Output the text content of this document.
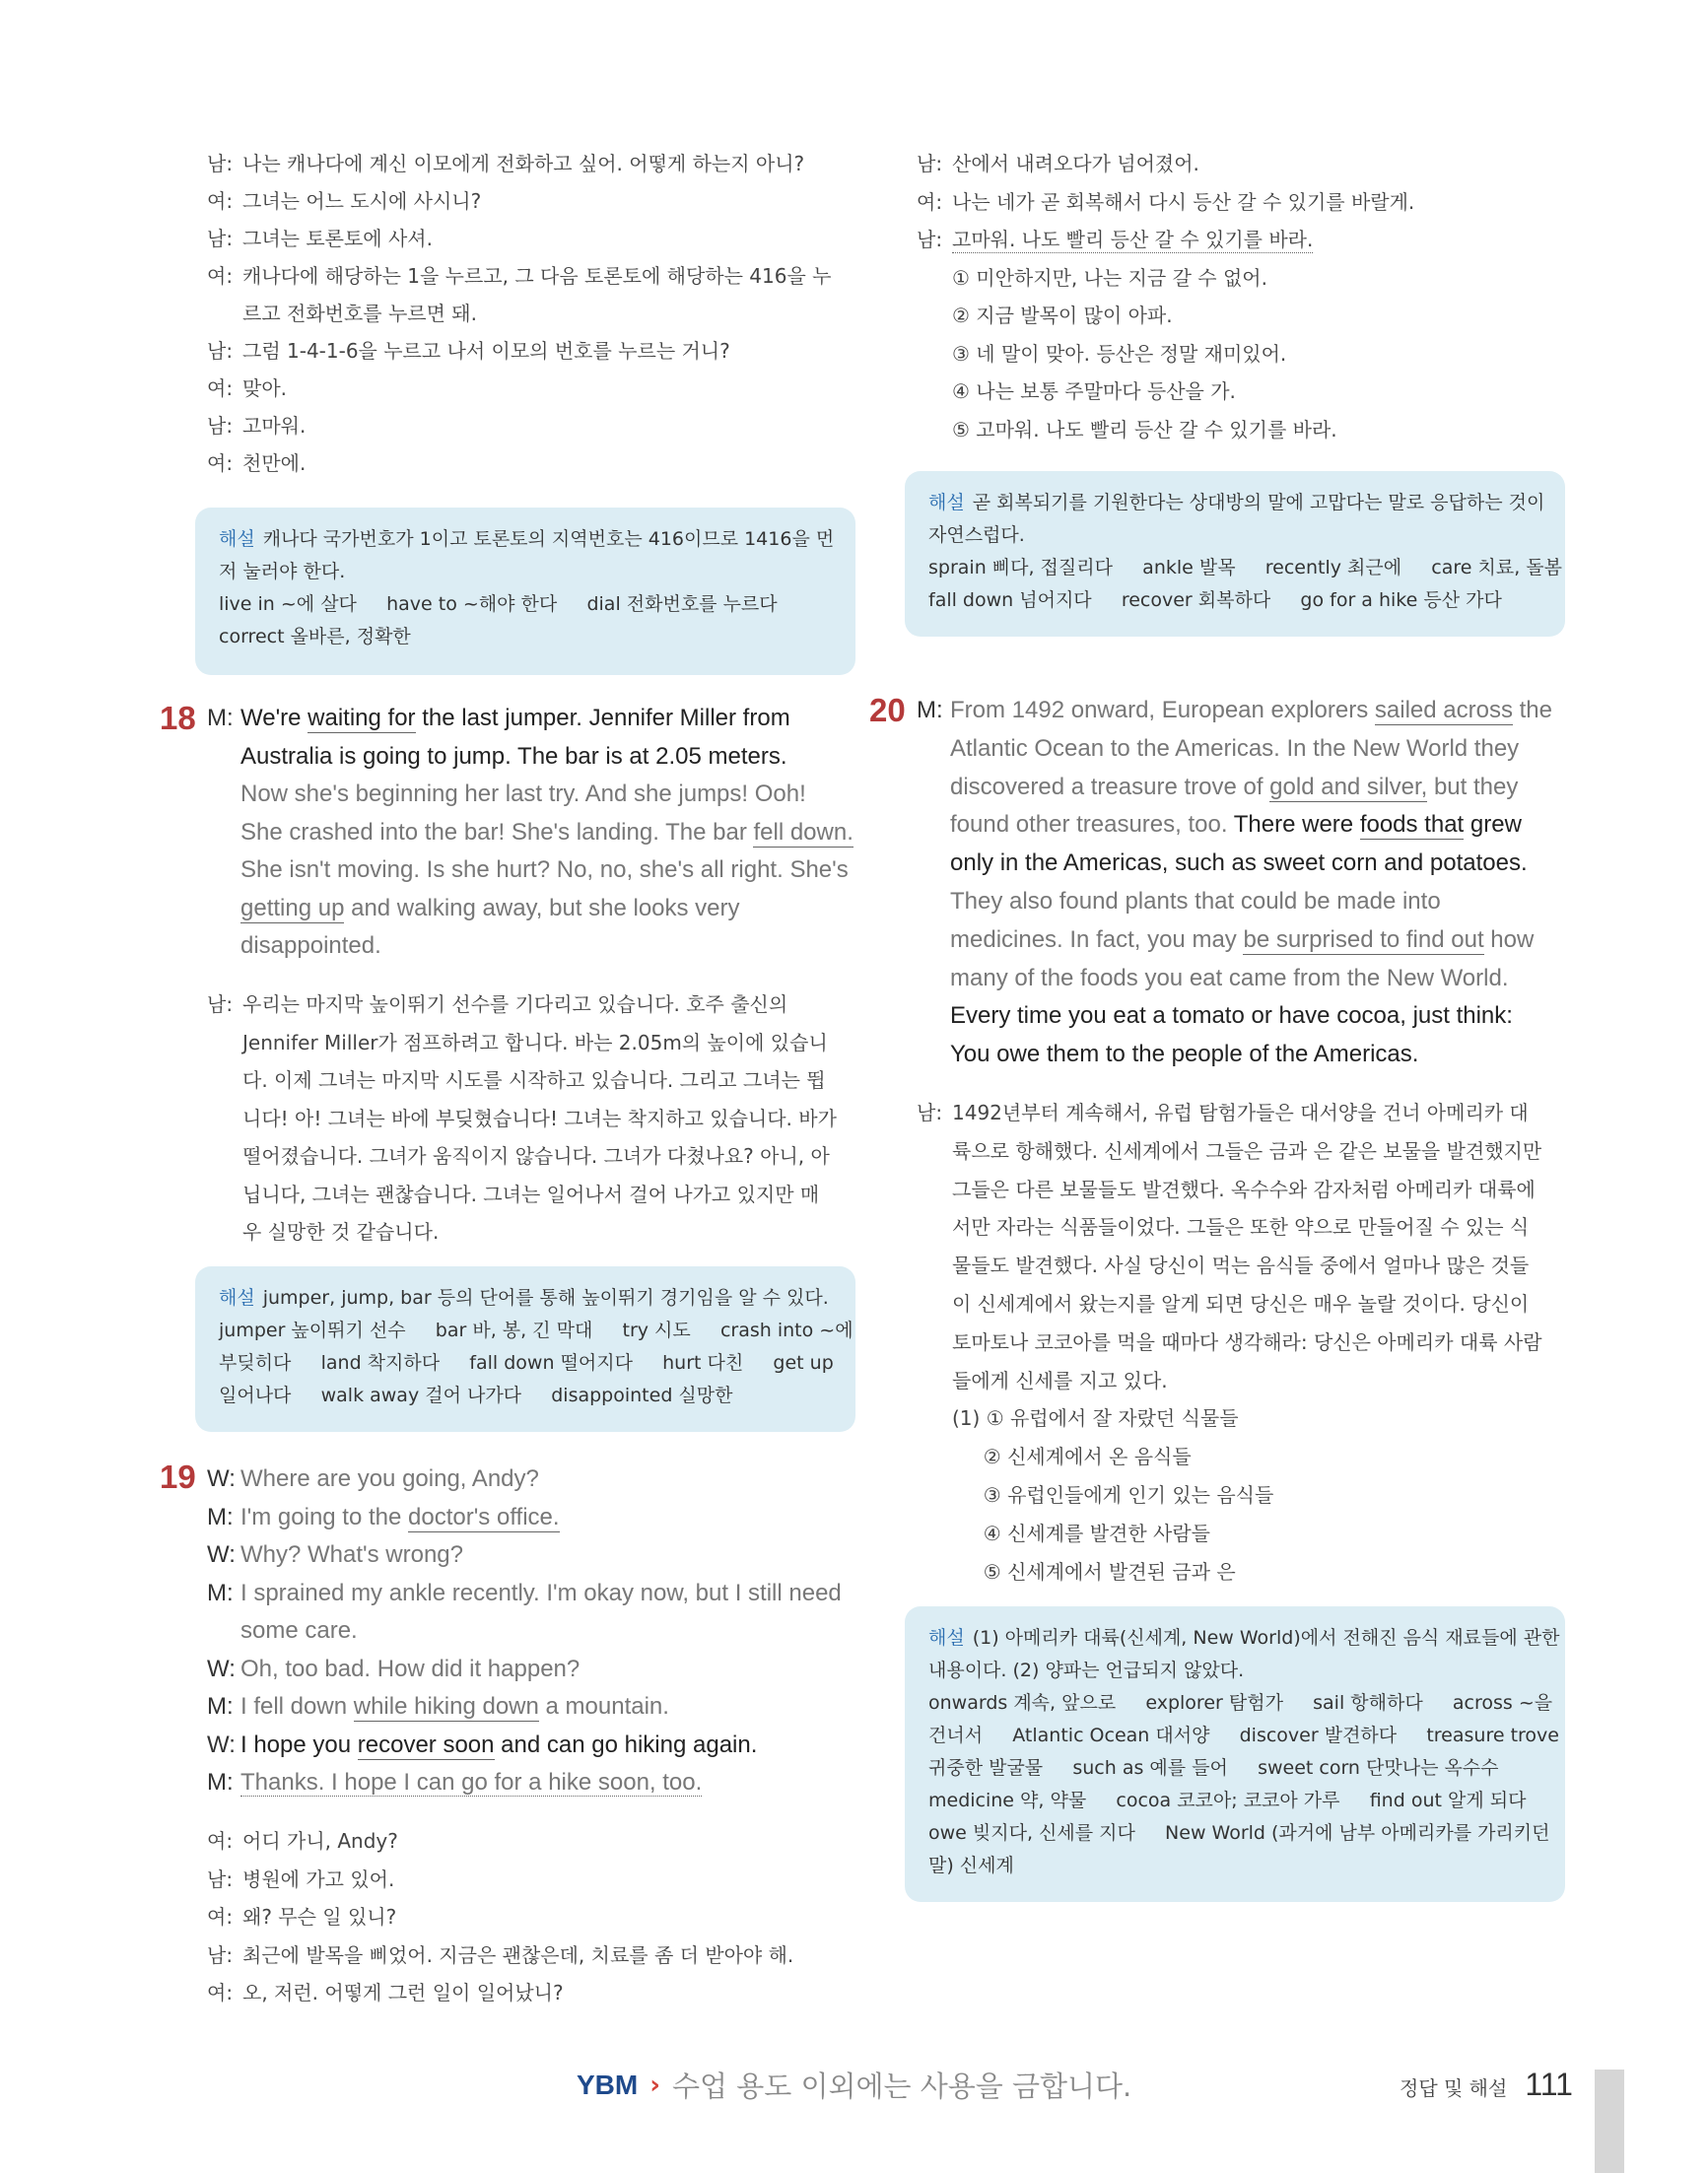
남: 나는 캐나다에 계신 이모에게 전화하고 싶어. 어떻게 하는지 아니?
여: 그녀는 어느 도시에 사시니?
남: 그녀는 토론토에 사셔.
여: 캐나다에 해당하는 1을 누르고, 그 다음 토론토에 해당하는 416을 누
르고 전화번호를 누르면 돼.
남: 그럼 1-4-1-6을 누르고 나서 이모의 번호를 누르는 거니?
여: 맞아.
남: 고마워.
여: 천만에.
해설 캐나다 국가번호가 1이고 토론토의 지역번호는 416이므로 1416을 먼
저 눌러야 한다.
live in ~에 살다     have to ~해야 한다     dial 전화번호를 누르다
correct 올바른, 정확한
18 M: We're waiting for the last jumper. Jennifer Miller from
Australia is going to jump. The bar is at 2.05 meters.
Now she's beginning her last try. And she jumps! Ooh!
She crashed into the bar! She's landing. The bar fell down.
She isn't moving. Is she hurt? No, no, she's all right. She's
getting up and walking away, but she looks very
disappointed.
남: 우리는 마지막 높이뛰기 선수를 기다리고 있습니다. 호주 출신의
Jennifer Miller가 점프하려고 합니다. 바는 2.05m의 높이에 있습니
다. 이제 그녀는 마지막 시도를 시작하고 있습니다. 그리고 그녀는 뜁
니다! 아! 그녀는 바에 부딪혔습니다! 그녀는 착지하고 있습니다. 바가
떨어졌습니다. 그녀가 움직이지 않습니다. 그녀가 다쳤나요? 아니, 아
닙니다, 그녀는 괜찮습니다. 그녀는 일어나서 걸어 나가고 있지만 매
우 실망한 것 같습니다.
해설 jumper, jump, bar 등의 단어를 통해 높이뛰기 경기임을 알 수 있다.
jumper 높이뛰기 선수     bar 바, 봉, 긴 막대     try 시도     crash into ~에
부딪히다     land 착지하다     fall down 떨어지다     hurt 다친     get up
일어나다     walk away 걸어 나가다     disappointed 실망한
19 W: Where are you going, Andy?
M: I'm going to the doctor's office.
W: Why? What's wrong?
M: I sprained my ankle recently. I'm okay now, but I still need
some care.
W: Oh, too bad. How did it happen?
M: I fell down while hiking down a mountain.
W: I hope you recover soon and can go hiking again.
M: Thanks. I hope I can go for a hike soon, too.
여: 어디 가니, Andy?
남: 병원에 가고 있어.
여: 왜? 무슨 일 있니?
남: 최근에 발목을 삐었어. 지금은 괜찮은데, 치료를 좀 더 받아야 해.
여: 오, 저런. 어떻게 그런 일이 일어났니?
남: 산에서 내려오다가 넘어졌어.
여: 나는 네가 곧 회복해서 다시 등산 갈 수 있기를 바랄게.
남: 고마워. 나도 빨리 등산 갈 수 있기를 바라.
① 미안하지만, 나는 지금 갈 수 없어.
② 지금 발목이 많이 아파.
③ 네 말이 맞아. 등산은 정말 재미있어.
④ 나는 보통 주말마다 등산을 가.
⑤ 고마워. 나도 빨리 등산 갈 수 있기를 바라.
해설 곧 회복되기를 기원한다는 상대방의 말에 고맙다는 말로 응답하는 것이
자연스럽다.
sprain 삐다, 접질리다     ankle 발목     recently 최근에     care 치료, 돌봄
fall down 넘어지다     recover 회복하다     go for a hike 등산 가다
20 M: From 1492 onward, European explorers sailed across the
Atlantic Ocean to the Americas. In the New World they
discovered a treasure trove of gold and silver, but they
found other treasures, too. There were foods that grew
only in the Americas, such as sweet corn and potatoes.
They also found plants that could be made into
medicines. In fact, you may be surprised to find out how
many of the foods you eat came from the New World.
Every time you eat a tomato or have cocoa, just think:
You owe them to the people of the Americas.
남: 1492년부터 계속해서, 유럽 탐험가들은 대서양을 건너 아메리카 대
륙으로 항해했다. 신세계에서 그들은 금과 은 같은 보물을 발견했지만
그들은 다른 보물들도 발견했다. 옥수수와 감자처럼 아메리카 대륙에
서만 자라는 식품들이었다. 그들은 또한 약으로 만들어질 수 있는 식
물들도 발견했다. 사실 당신이 먹는 음식들 중에서 얼마나 많은 것들
이 신세계에서 왔는지를 알게 되면 당신은 매우 놀랄 것이다. 당신이
토마토나 코코아를 먹을 때마다 생각해라: 당신은 아메리카 대륙 사람
들에게 신세를 지고 있다.
(1) ① 유럽에서 잘 자랐던 식물들
② 신세계에서 온 음식들
③ 유럽인들에게 인기 있는 음식들
④ 신세계를 발견한 사람들
⑤ 신세계에서 발견된 금과 은
해설 (1) 아메리카 대륙(신세계, New World)에서 전해진 음식 재료들에 관한
내용이다. (2) 양파는 언급되지 않았다.
onwards 계속, 앞으로     explorer 탐험가     sail 항해하다     across ~을
건너서     Atlantic Ocean 대서양     discover 발견하다     treasure trove
귀중한 발굴물     such as 예를 들어     sweet corn 단맛나는 옥수수
medicine 약, 약물     cocoa 코코아; 코코아 가루     find out 알게 되다
owe 빚지다, 신세를 지다     New World (과거에 남부 아메리카를 가리키던
말) 신세계
YBM › 수업 용도 이외에는 사용을 금합니다.	정답 및 해설 111
